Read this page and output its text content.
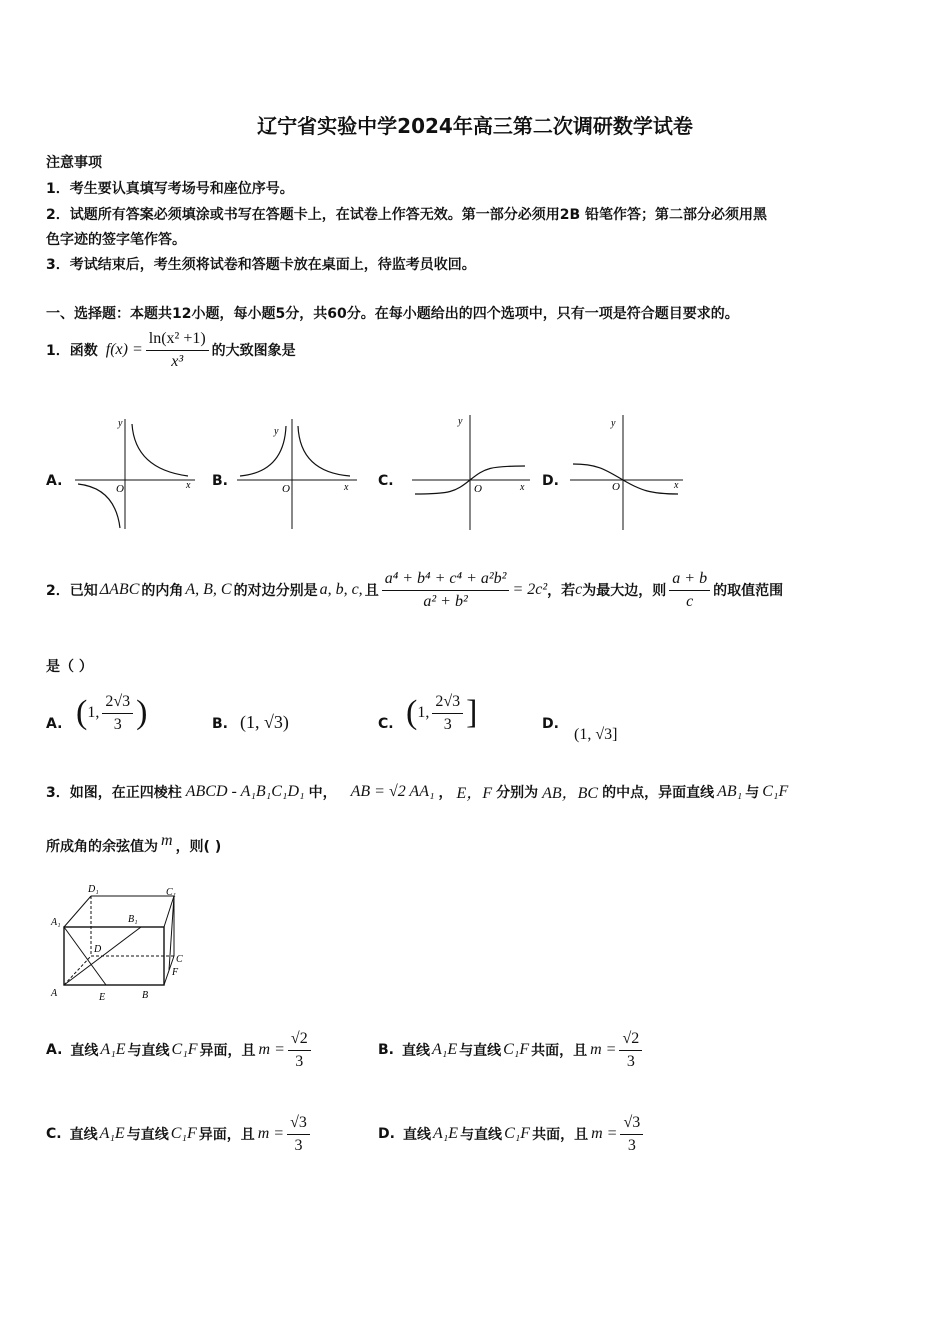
辽宁省实验中学2024年高三第二次调研数学试卷
注意事项
1．考生要认真填写考场号和座位序号。
2．试题所有答案必须填涂或书写在答题卡上，在试卷上作答无效。第一部分必须用2B 铅笔作答；第二部分必须用黑
色字迹的签字笔作答。
3．考试结束后，考生须将试卷和答题卡放在桌面上，待监考员收回。
一、选择题：本题共12小题，每小题5分，共60分。在每小题给出的四个选项中，只有一项是符合题目要求的。
1．函数 $f(x) = \frac{\text{ln(x² +1)}}{\text{x³}}$ 的大致图象是
A.
y
x
O	B.
y
x
O	C.
y
x
O	D.
y
x
O
2．已知 ΔABC 的内角 A, B, C 的对边分别是 a, b, c, 且 $\frac{\text{a⁴ + b⁴ + c⁴ + a²b²}}{\text{a² + b²}} = 2c^2$ ，若 c 为最大边，则 $\frac{a + b}{c}$ 的取值范围
是（ ）
A. ( 1, $\frac{2√3}{3}$ )	B. (1, √3)	C. ( 1, $\frac{2√3}{3}$ ]	D.
(1, √3]
3．如图，在正四棱柱 ABCD - A₁B₁C₁D₁ 中， AB = √2 AA₁ ， E，F 分别为 AB，BC 的中点，异面直线 AB₁ 与 C₁F
所成角的余弦值为 m ，则( )
D₁	C₁
A₁	B₁
D
C
F
A	E	B
A. 直线 A₁E 与直线 C₁F 异面，且 $m = \frac{√2}{3}$	B. 直线 A₁E 与直线 C₁F 共面，且 $m = \frac{√2}{3}$
C. 直线 A₁E 与直线 C₁F 异面，且 $m = \frac{√3}{3}$	D. 直线 A₁E 与直线 C₁F 共面，且 $m = \frac{√3}{3}$
